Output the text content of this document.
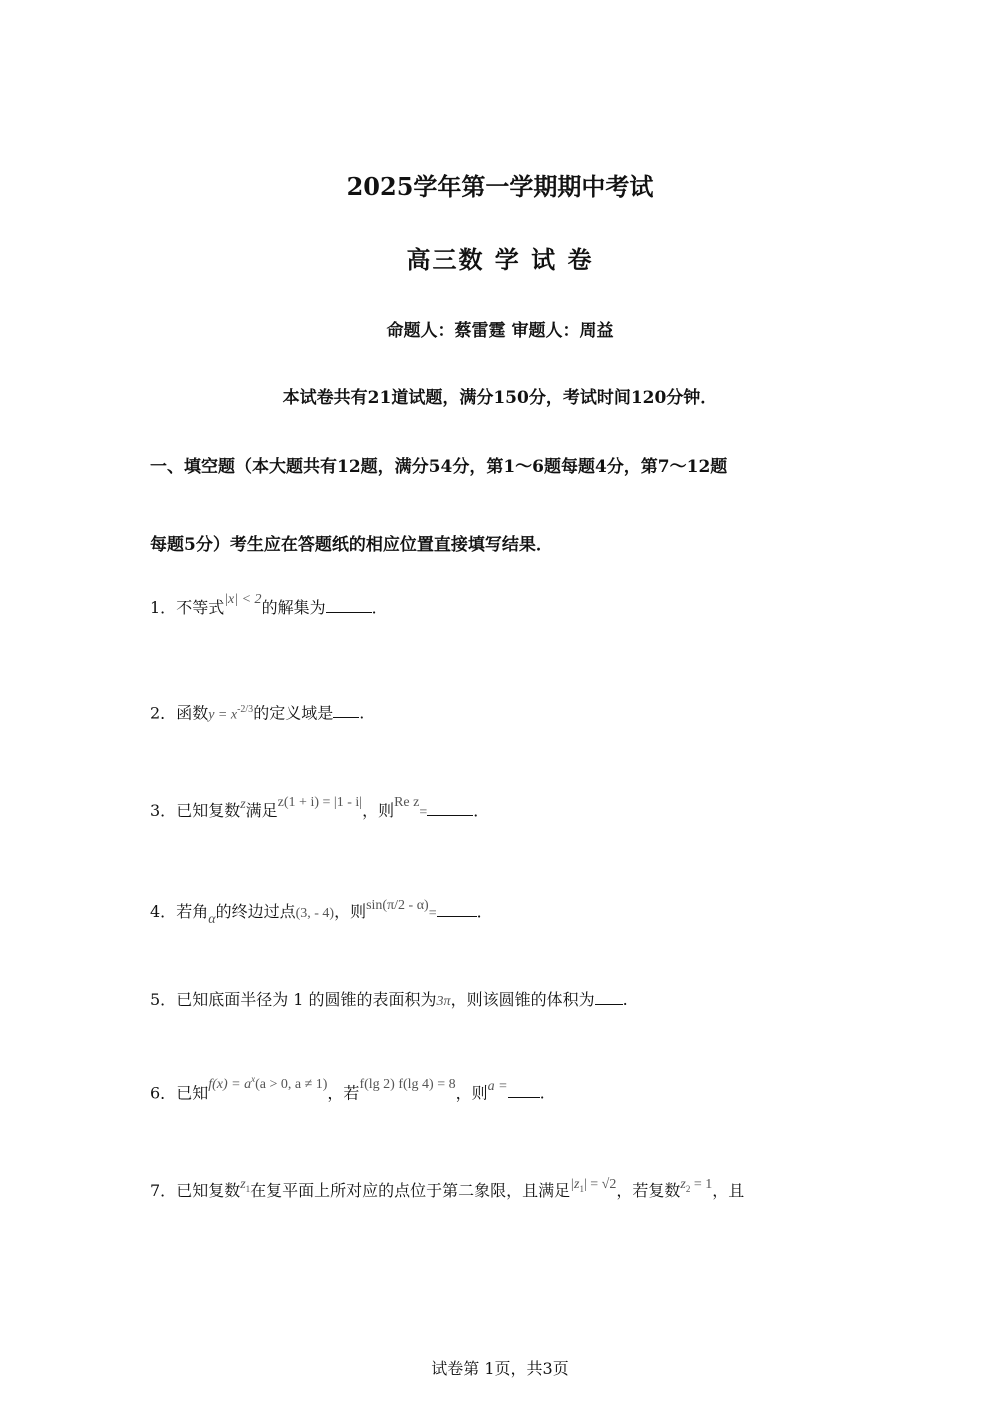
2025学年第一学期期中考试
高三数 学 试 卷
命题人：蔡雷霆 审题人：周益
本试卷共有21道试题，满分150分，考试时间120分钟．
一、填空题（本大题共有12题，满分54分，第1～6题每题4分，第7～12题
每题5分）考生应在答题纸的相应位置直接填写结果．
1．不等式|x| < 2的解集为	．
2．函数$y = x^{-2/3}$的定义域是 .
3．已知复数z满足z(1 + i) = |1 - i|，则Re z=	．
4．若角α的终边过点(3, - 4)，则sin(π/2 - α)=	．
5．已知底面半径为 1 的圆锥的表面积为3π，则该圆锥的体积为 .
6．已知$f(x) = a^x(a > 0$, a ≠ 1)，若f(lg 2) f(lg 4) = 8，则a = .
7．已知复数$z_1$在复平面上所对应的点位于第二象限，且满足$|z_1| = √2$，若复数$z_2 = 1$，且
试卷第 1页，共3页
